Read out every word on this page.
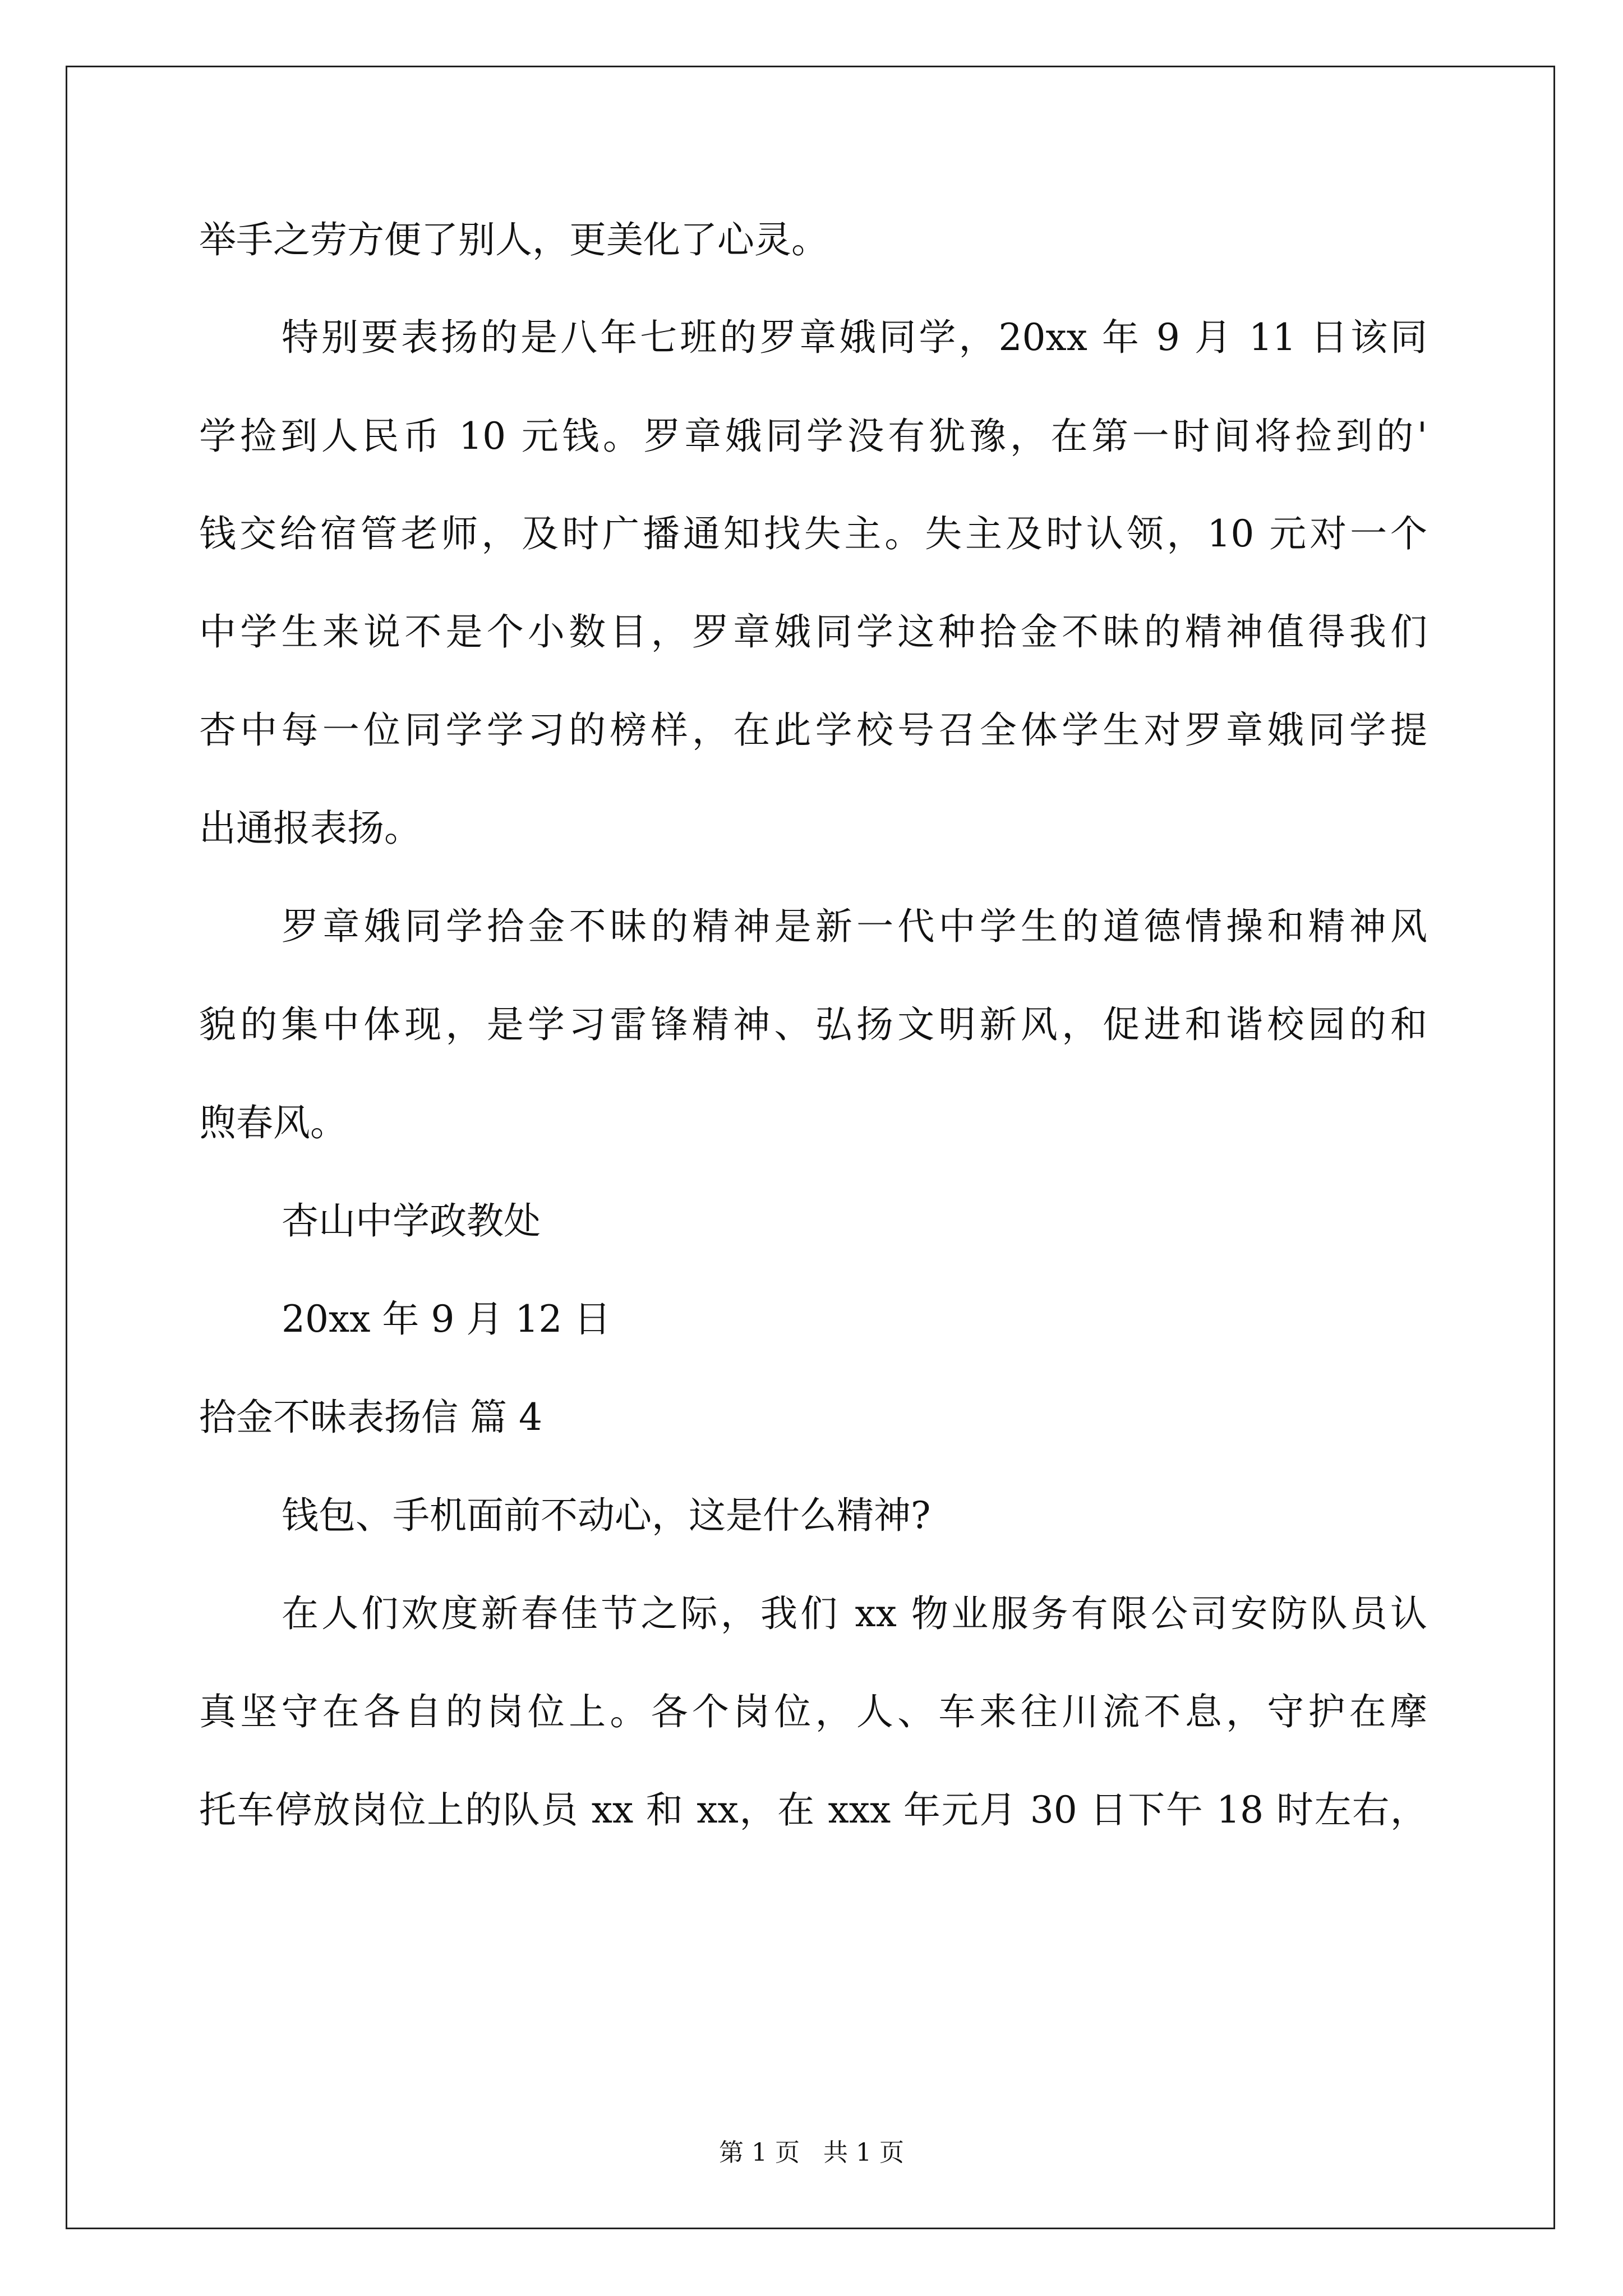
举手之劳方便了别人，更美化了心灵。
特别要表扬的是八年七班的罗章娥同学，20xx 年 9 月 11 日该同
学捡到人民币 10 元钱。罗章娥同学没有犹豫，在第一时间将捡到的'
钱交给宿管老师，及时广播通知找失主。失主及时认领，10 元对一个
中学生来说不是个小数目，罗章娥同学这种拾金不昧的精神值得我们
杏中每一位同学学习的榜样，在此学校号召全体学生对罗章娥同学提
出通报表扬。
罗章娥同学拾金不昧的精神是新一代中学生的道德情操和精神风
貌的集中体现，是学习雷锋精神、弘扬文明新风，促进和谐校园的和
煦春风。
杏山中学政教处
20xx 年 9 月 12 日
拾金不昧表扬信 篇 4
钱包、手机面前不动心，这是什么精神?
在人们欢度新春佳节之际，我们 xx 物业服务有限公司安防队员认
真坚守在各自的岗位上。各个岗位，人、车来往川流不息，守护在摩
托车停放岗位上的队员 xx 和 xx，在 xxx 年元月 30 日下午 18 时左右，
第 1 页   共 1 页
